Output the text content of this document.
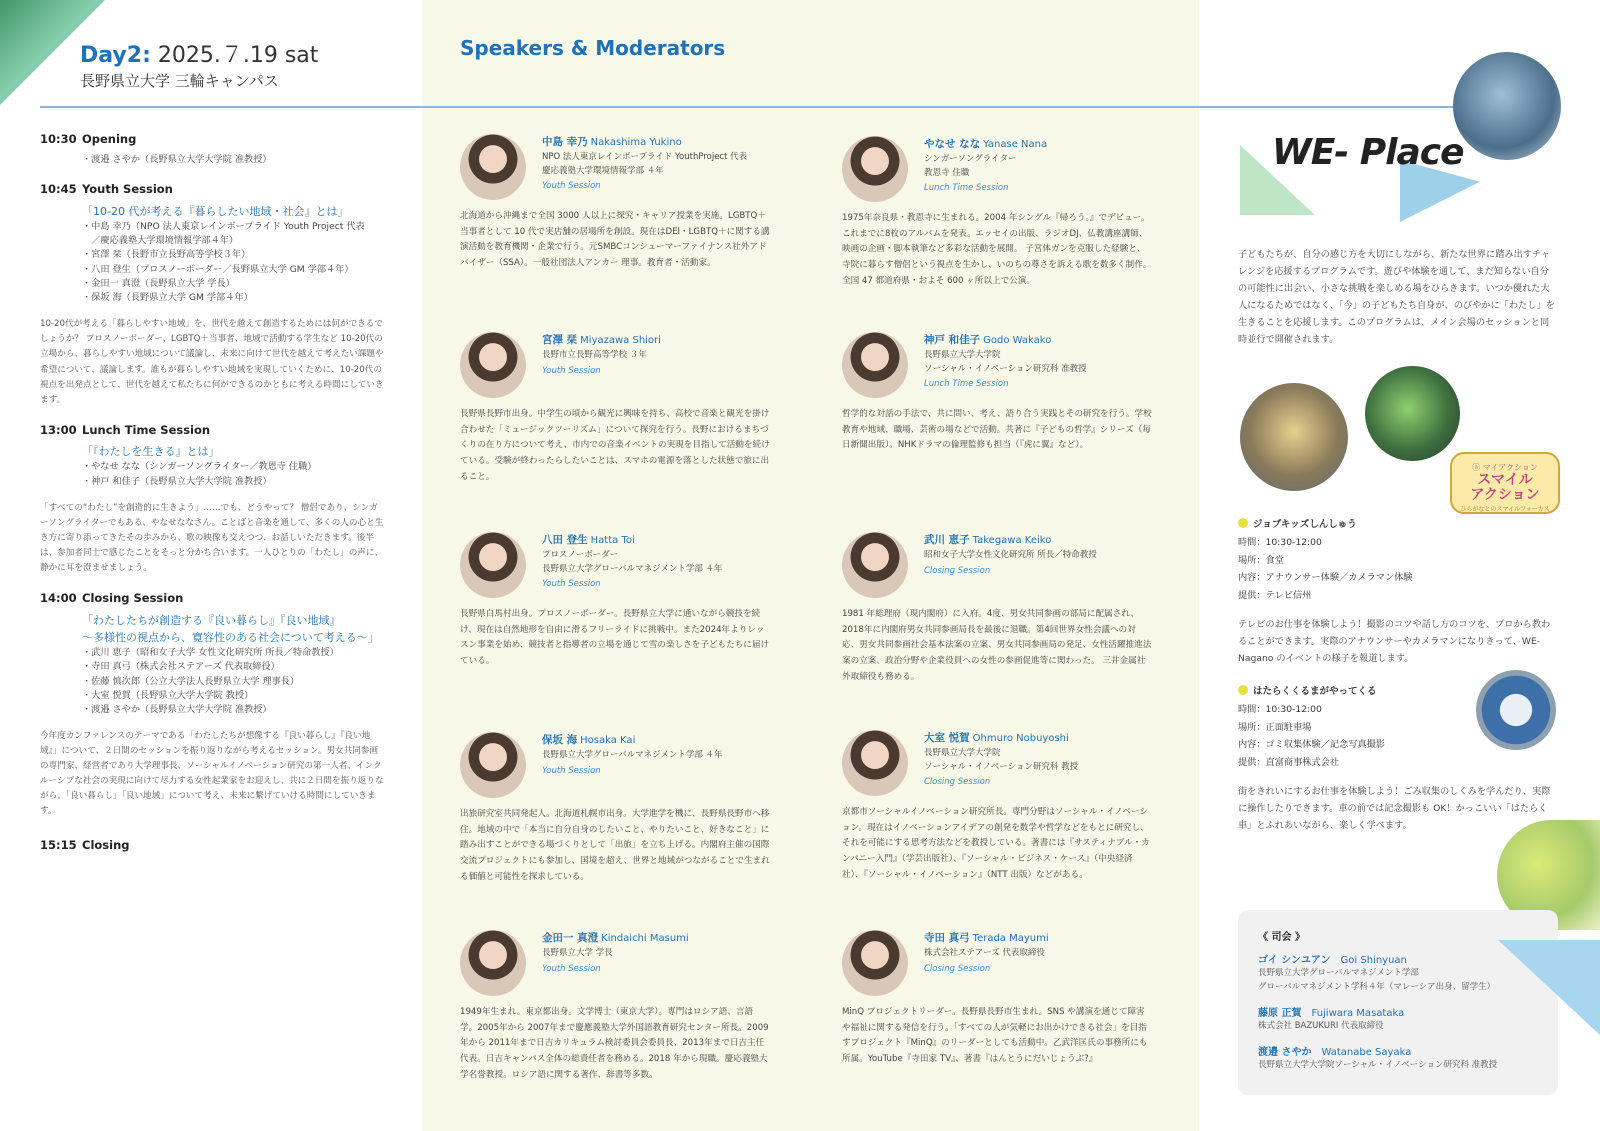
Day2: 2025.７.19 sat
長野県立大学 三輪キャンパス
Speakers & Moderators
10:30 Opening
・渡邉 さやか（長野県立大学大学院 准教授）
10:45 Youth Session
「10-20 代が考える『暮らしたい地域・社会』とは」
・中島 幸乃（NPO 法人東京レインボープライド Youth Project 代表
　／慶応義塾大学環境情報学部４年）
・宮澤 栞（長野市立長野高等学校３年）
・八田 登生（プロスノーボーダー／長野県立大学 GM 学部４年）
・金田一 真澄（長野県立大学 学長）
・保坂 海（長野県立大学 GM 学部４年）
10-20代が考える「暮らしやすい地域」を、世代を越えて創造するためには何ができるでしょうか？ プロスノーボーダー、LGBTQ＋当事者、地域で活動する学生など 10-20代の立場から、暮らしやすい地域について議論し、未来に向けて世代を越えて考えたい課題や希望について、議論します。誰もが暮らしやすい地域を実現していくために、10-20代の視点を出発点として、世代を越えて私たちに何ができるのかともに考える時間にしていきます。
13:00 Lunch Time Session
「『わたしを生きる』とは」
・やなせ なな（シンガーソングライター／教恩寺 住職）
・神戸 和佳子（長野県立大学大学院 准教授）
「すべての“わたし”を創造的に生きよう」……でも、どうやって？ 僧侶であり、シンガーソングライターでもある、やなせななさん。ことばと音楽を通して、多くの人の心と生き方に寄り添ってきたその歩みから、歌の映像も交えつつ、お話しいただきます。後半は、参加者同士で感じたことをそっと分かち合います。一人ひとりの「わたし」の声に、静かに耳を澄ませましょう。
14:00 Closing Session
「わたしたちが創造する『良い暮らし』『良い地域』
〜多様性の視点から、寛容性のある社会について考える〜」
・武川 恵子（昭和女子大学 女性文化研究所 所長／特命教授）
・寺田 真弓（株式会社ステアーズ 代表取締役）
・佐藤 慎次郎（公立大学法人長野県立大学 理事長）
・大室 悦賀（長野県立大学大学院 教授）
・渡邉 さやか（長野県立大学大学院 准教授）
今年度カンファレンスのテーマである「わたしたちが想像する『良い暮らし』『良い地域』」について、２日間のセッションを振り返りながら考えるセッション。男女共同参画の専門家、経営者であり大学理事長、ソーシャルイノベーション研究の第一人者、インクルーシブな社会の実現に向けて尽力する女性起業家をお迎えし、共に２日間を振り返りながら、「良い暮らし」「良い地域」について考え、未来に繋げていける時間にしていきます。
15:15 Closing
中島 幸乃 Nakashima Yukino
NPO 法人東京レインボープライド YouthProject 代表
慶応義塾大学環境情報学部 ４年
Youth Session
北海道から沖縄まで全国 3000 人以上に探究・キャリア授業を実施。LGBTQ＋当事者として 10 代で実店舗の居場所を創設。現在はDEI・LGBTQ＋に関する講演活動を教育機関・企業で行う。元SMBCコンシューマーファイナンス社外アドバイザー（SSA）。一般社団法人アンカー 理事。教育者・活動家。
宮澤 栞 Miyazawa Shiori
長野市立長野高等学校 ３年
Youth Session
長野県長野市出身。中学生の頃から観光に興味を持ち、高校で音楽と観光を掛け合わせた「ミュージックツーリズム」について探究を行う。長野におけるまちづくりの在り方について考え、市内での音楽イベントの実現を目指して活動を続けている。受験が終わったらしたいことは、スマホの電源を落とした状態で旅に出ること。
八田 登生 Hatta Toi
プロスノーボーダー
長野県立大学グローバルマネジメント学部 ４年
Youth Session
長野県白馬村出身。プロスノーボーダー。長野県立大学に通いながら競技を続け、現在は自然地形を自由に滑るフリーライドに挑戦中。また2024年よりレッスン事業を始め、競技者と指導者の立場を通じて雪の楽しさを子どもたちに届けている。
保坂 海 Hosaka Kai
長野県立大学グローバルマネジメント学部 ４年
Youth Session
出旅研究室共同発起人。北海道札幌市出身。大学進学を機に、長野県長野市へ移住。地域の中で「本当に自分自身のしたいこと、やりたいこと、好きなこと」に踏み出すことができる場づくりとして「出旅」を立ち上げる。内閣府主催の国際交流プロジェクトにも参加し、国境を超え、世界と地域がつながることで生まれる価値と可能性を探求している。
金田一 真澄 Kindaichi Masumi
長野県立大学 学長
Youth Session
1949年生まれ。東京都出身。文学博士（東京大学）。専門はロシア語、言語学。2005年から 2007年まで慶應義塾大学外国語教育研究センター所長。2009年から 2011年まで日吉カリキュラム検討委員会委員長、2013年まで日吉主任代表。日吉キャンパス全体の総責任者を務める。2018 年から現職。慶応義塾大学名誉教授。ロシア語に関する著作、辞書等多数。
やなせ なな Yanase Nana
シンガーソングライター
教恩寺 住職
Lunch Time Session
1975年奈良県・教恩寺に生まれる。2004 年シングル『帰ろう。』でデビュー。これまでに8枚のアルバムを発表。エッセイの出版、ラジオDJ、仏教講座講師、映画の企画・脚本執筆など多彩な活動を展開。 子宮体ガンを克服した経験と、寺院に暮らす僧侶という視点を生かし、いのちの尊さを訴える歌を数多く制作。全国 47 都道府県・およそ 600 ヶ所以上で公演。
神戸 和佳子 Godo Wakako
長野県立大学大学院
ソーシャル・イノベーション研究科 准教授
Lunch Time Session
哲学的な対話の手法で、共に問い、考え、語り合う実践とその研究を行う。学校教育や地域、職場、芸術の場などで活動。共著に『子どもの哲学』シリーズ（毎日新聞出版）。NHKドラマの倫理監修も担当（『虎に翼』など）。
武川 恵子 Takegawa Keiko
昭和女子大学女性文化研究所 所長／特命教授
Closing Session
1981 年総理府（現内閣府）に入府。4度、男女共同参画の部局に配属され、2018年に内閣府男女共同参画局長を最後に退職。第4回世界女性会議への対応、男女共同参画社会基本法案の立案、男女共同参画局の発足、女性活躍推進法案の立案、政治分野や企業役員への女性の参画促進等に関わった。 三井金属社外取締役も務める。
大室 悦賀 Ohmuro Nobuyoshi
長野県立大学大学院
ソーシャル・イノベーション研究科 教授
Closing Session
京都市ソーシャルイノベーション研究所長。専門分野はソーシャル・イノベーション。現在はイノベーションアイデアの創発を数学や哲学などをもとに研究し、それを可能にする思考方法などを教授している。著書には『サスティナブル・カンパニー入門』（学芸出版社）、『ソーシャル・ビジネス・ケース』（中央経済社）、『ソーシャル・イノベーション』（NTT 出版）などがある。
寺田 真弓 Terada Mayumi
株式会社ステアーズ 代表取締役
Closing Session
MinQ プロジェクトリーダー。長野県長野市生まれ。SNS や講演を通じて障害や福祉に関する発信を行う。「すべての人が気軽にお出かけできる社会」を目指すプロジェクト『MinQ』のリーダーとしても活動中。乙武洋匡氏の事務所にも所属。YouTube『寺田家 TV』、著書『はんとうにだいじょうぶ?』
WE- Place
子どもたちが、自分の感じ方を大切にしながら、新たな世界に踏み出すチャレンジを応援するプログラムです。遊びや体験を通して、まだ知らない自分の可能性に出会い、小さな挑戦を楽しめる場をひらきます。いつか優れた大人になるためではなく、「今」の子どもたち自身が、のびやかに「わたし」を生きることを応援します。このプログラムは、メイン会場のセッションと同時並行で開催されます。
ⓐ マイアクション
スマイル
アクション
ひらがなとのスマイルフォーカス
ジョブキッズしんしゅう
時間：10:30-12:00
場所：食堂
内容：アナウンサー体験／カメラマン体験
提供：テレビ信州
テレビのお仕事を体験しよう！撮影のコツや話し方のコツを、プロから教わることができます。実際のアナウンサーやカメラマンになりきって、WE-Nagano のイベントの様子を報道します。
はたらくくるまがやってくる
時間：10:30-12:00
場所：正面駐車場
内容：ゴミ収集体験／記念写真撮影
提供：直富商事株式会社
街をきれいにするお仕事を体験しよう！ごみ収集のしくみを学んだり、実際に操作したりできます。車の前では記念撮影も OK！かっこいい「はたらく車」とふれあいながら、楽しく学べます。
《 司会 》
ゴイ シンユアン Goi Shinyuan
長野県立大学グローバルマネジメント学部
グローバルマネジメント学科４年（マレーシア出身、留学生）
藤原 正賀 Fujiwara Masataka
株式会社 BAZUKURI 代表取締役
渡邉 さやか Watanabe Sayaka
長野県立大学大学院ソーシャル・イノベーション研究科 准教授
